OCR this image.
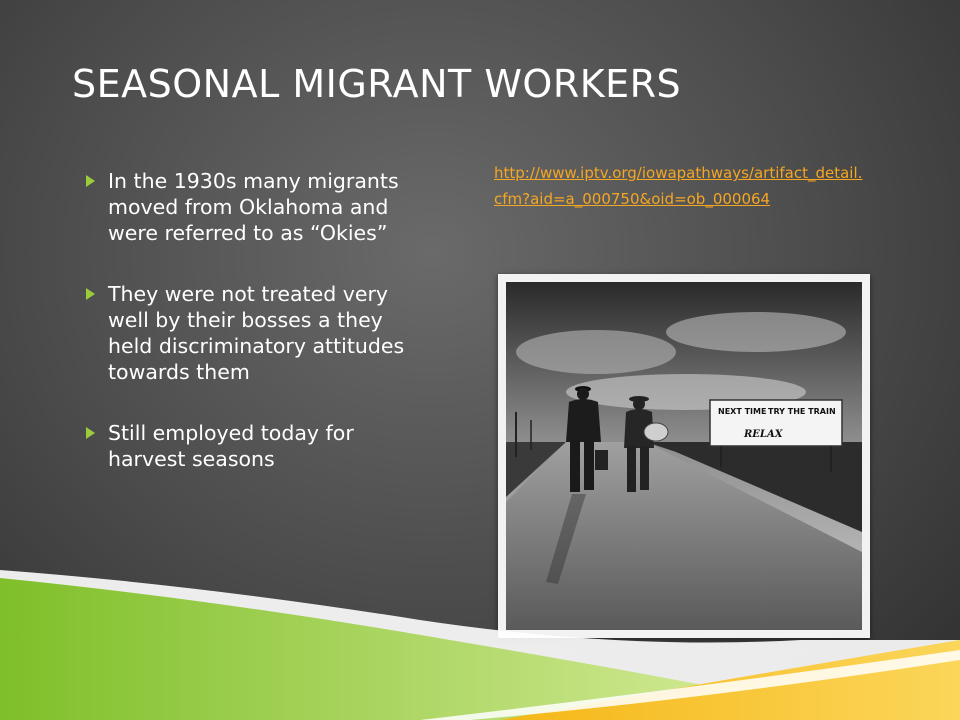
SEASONAL MIGRANT WORKERS
In the 1930s many migrants moved from Oklahoma and were referred to as “Okies”
They were not treated very well by their bosses a they held discriminatory attitudes towards them
Still employed today for harvest seasons
http://www.iptv.org/iowapathways/artifact_detail.cfm?aid=a_000750&oid=ob_000064
NEXT TIME TRY THE TRAIN
RELAX
